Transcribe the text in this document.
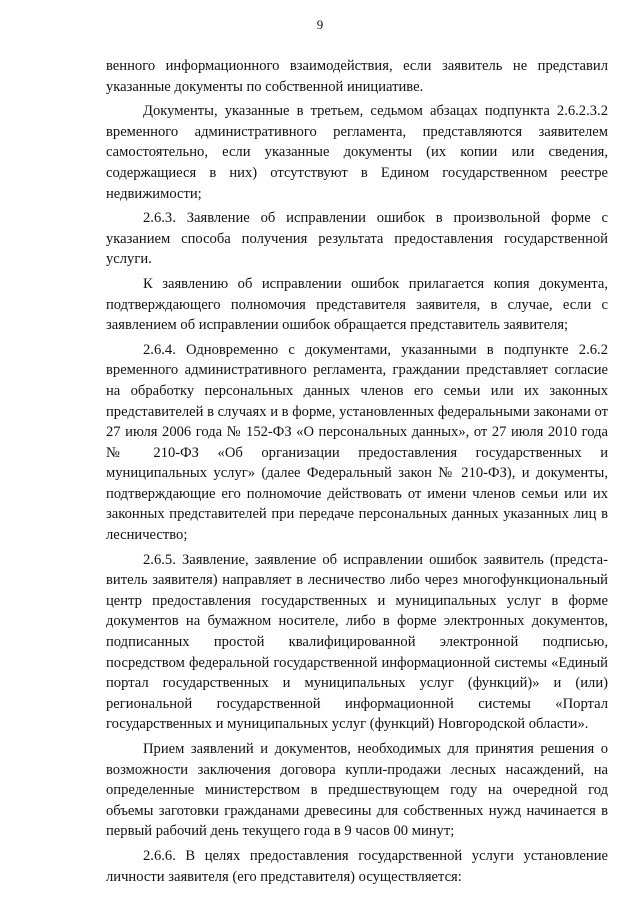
9

венного информационного взаимодействия, если заявитель не представил указанные документы по собственной инициативе.

Документы, указанные в третьем, седьмом абзацах подпункта 2.6.2.3.2 временного административного регламента, представляются заявителем самостоятельно, если указанные документы (их копии или сведения, содержащиеся в них) отсутствуют в Едином государственном реестре недвижимости;

2.6.3. Заявление об исправлении ошибок в произвольной форме с указанием способа получения результата предоставления государственной услуги.

К заявлению об исправлении ошибок прилагается копия документа, подтверждающего полномочия представителя заявителя, в случае, если с заявлением об исправлении ошибок обращается представитель заявителя;

2.6.4. Одновременно с документами, указанными в подпункте 2.6.2 временного административного регламента, граждании представляет согласие на обработку персональных данных членов его семьи или их законных представителей в случаях и в форме, установленных федеральными законами от 27 июля 2006 года № 152-ФЗ «О персональных данных», от 27 июля 2010 года № 210-ФЗ «Об организации предоставления государственных и муниципальных услуг» (далее Федеральный закон № 210-ФЗ), и документы, подтверждающие его полномочие действовать от имени членов семьи или их законных представителей при передаче персональных данных указанных лиц в лесничество;

2.6.5. Заявление, заявление об исправлении ошибок заявитель (представитель заявителя) направляет в лесничество либо через многофункциональный центр предоставления государственных и муниципальных услуг в форме документов на бумажном носителе, либо в форме электронных документов, подписанных простой квалифицированной электронной подписью, посредством федеральной государственной информационной системы «Единый портал государственных и муниципальных услуг (функций)» и (или) региональной государственной информационной системы «Портал государственных и муниципальных услуг (функций) Новгородской области».

Прием заявлений и документов, необходимых для принятия решения о возможности заключения договора купли-продажи лесных насаждений, на определенные министерством в предшествующем году на очередной год объемы заготовки гражданами древесины для собственных нужд начинается в первый рабочий день текущего года в 9 часов 00 минут;

2.6.6. В целях предоставления государственной услуги установление личности заявителя (его представителя) осуществляется:
